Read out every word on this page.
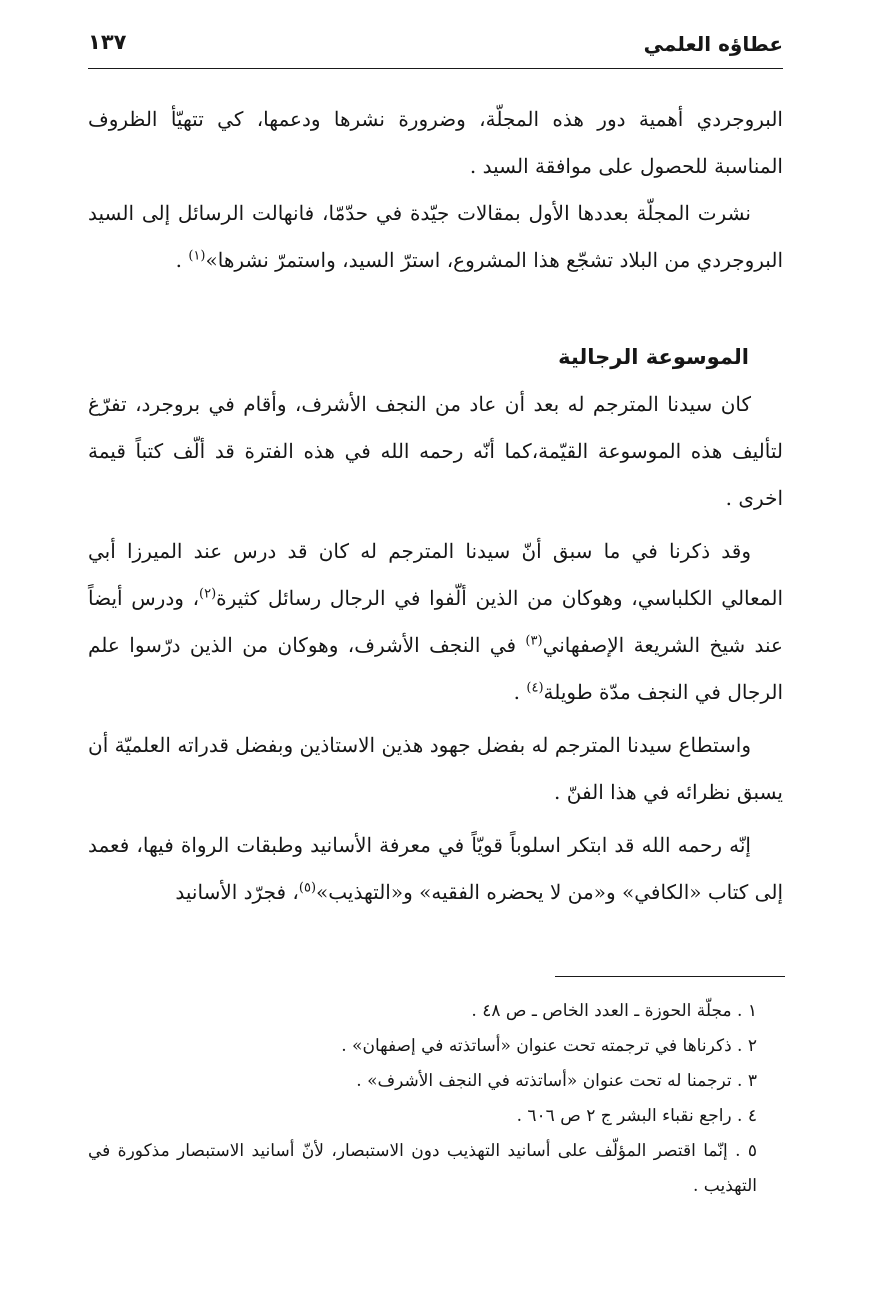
عطاؤه العلمي
١٣٧

البروجردي أهمية دور هذه المجلّة، وضرورة نشرها ودعمها، كي تتهيّأ الظروف المناسبة للحصول على موافقة السيد .

نشرت المجلّة بعددها الأول بمقالات جيّدة في حدّمّا، فانهالت الرسائل إلى السيد البروجردي من البلاد تشجّع هذا المشروع، استرّ السيد، واستمرّ نشرها»$^{(١)}$ .

الموسوعة الرجالية

كان سيدنا المترجم له بعد أن عاد من النجف الأشرف، وأقام في بروجرد، تفرّغ لتأليف هذه الموسوعة القيّمة،كما أنّه رحمه الله في هذه الفترة قد ألّف كتباً قيمة اخرى .

وقد ذكرنا في ما سبق أنّ سيدنا المترجم له كان قد درس عند الميرزا أبي المعالي الكلباسي، وهوكان من الذين ألّفوا في الرجال رسائل كثيرة$^{(٢)}$، ودرس أيضاً عند شيخ الشريعة الإصفهاني$^{(٣)}$ في النجف الأشرف، وهوكان من الذين درّسوا علم الرجال في النجف مدّة طويلة$^{(٤)}$ .

واستطاع سيدنا المترجم له بفضل جهود هذين الاستاذين وبفضل قدراته العلميّة أن يسبق نظرائه في هذا الفنّ .

إنّه رحمه الله قد ابتكر اسلوباً قويّاً في معرفة الأسانيد وطبقات الرواة فيها، فعمد إلى كتاب «الكافي» و«من لا يحضره الفقيه» و«التهذيب»$^{(٥)}$، فجرّد الأسانيد

١ . مجلّة الحوزة ـ العدد الخاص ـ ص ٤٨ .

٢ . ذكرناها في ترجمته تحت عنوان «أساتذته في إصفهان» .

٣ . ترجمنا له تحت عنوان «أساتذته في النجف الأشرف» .

٤ . راجع نقباء البشر ج ٢ ص ٦٠٦ .

٥ . إنّما اقتصر المؤلّف على أسانيد التهذيب دون الاستبصار، لأنّ أسانيد الاستبصار مذكورة في التهذيب .
